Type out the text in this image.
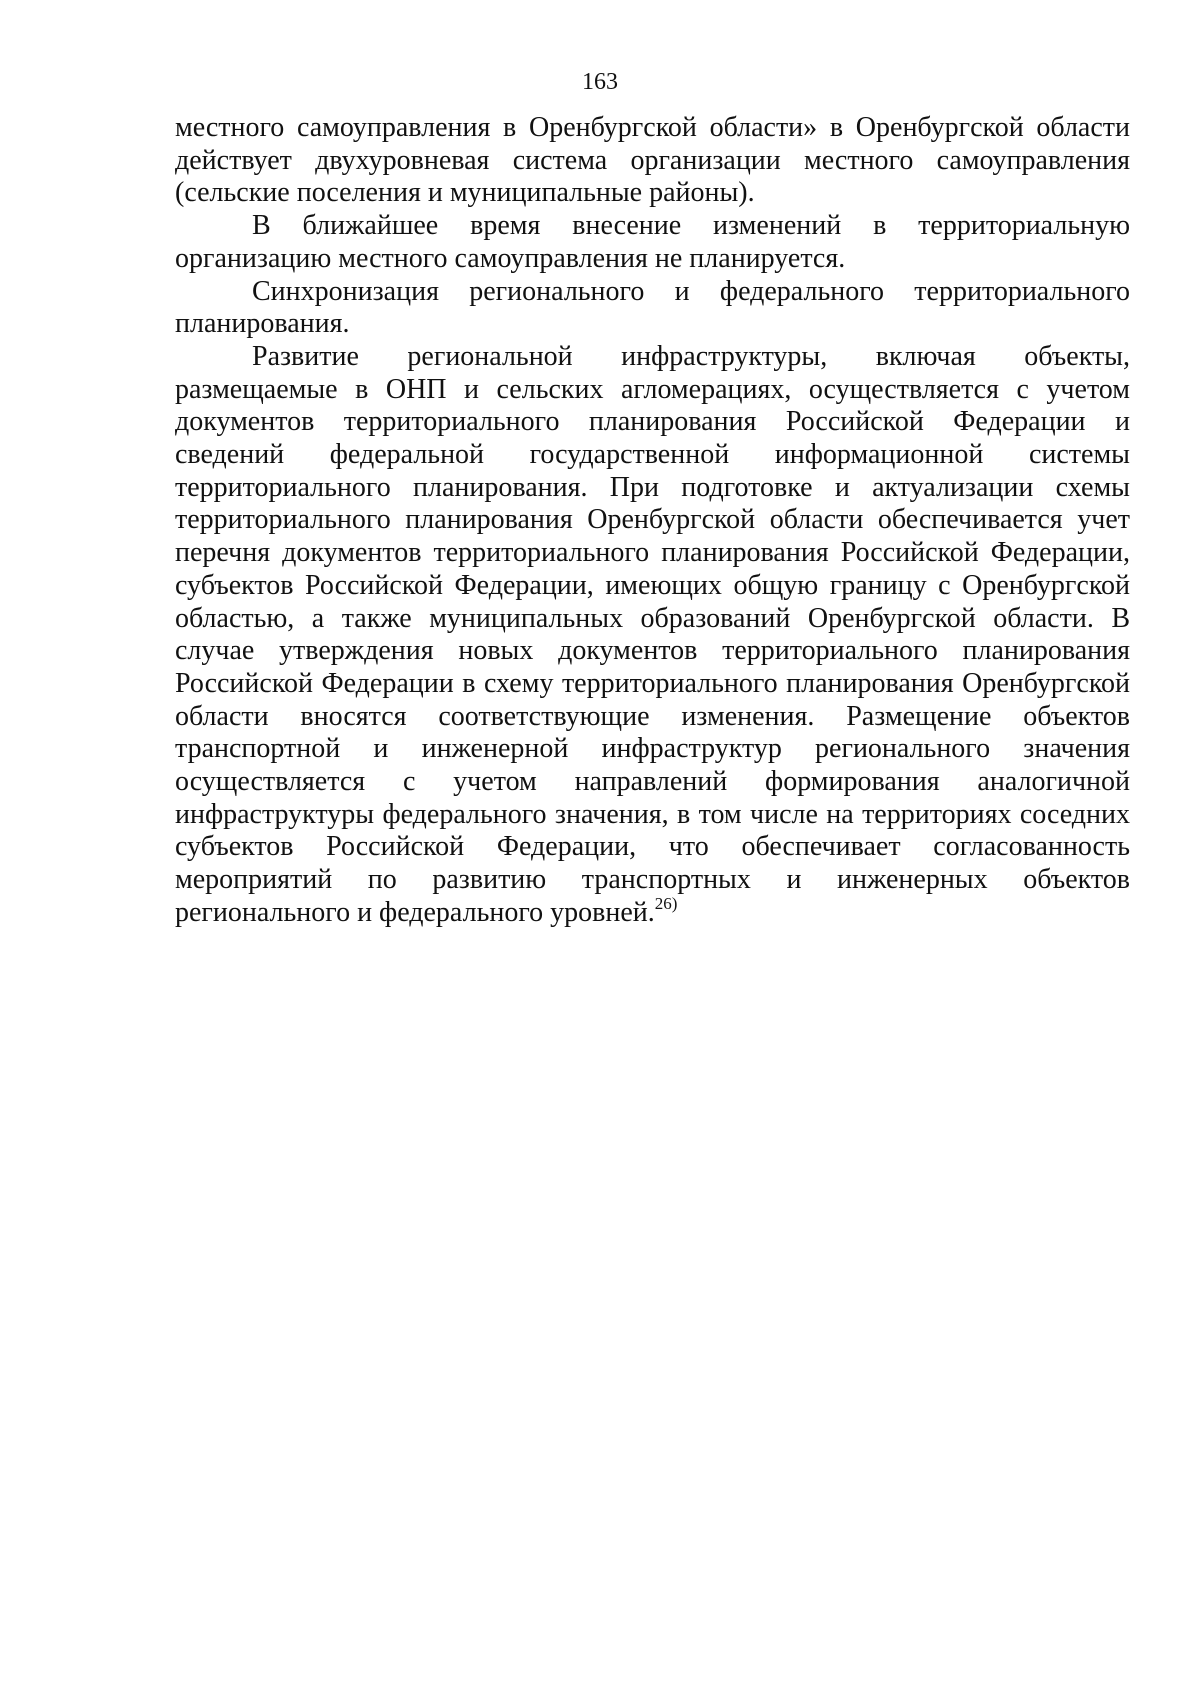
163

местного самоуправления в Оренбургской области» в Оренбургской области действует двухуровневая система организации местного самоуправления (сельские поселения и муниципальные районы).

В ближайшее время внесение изменений в территориальную организацию местного самоуправления не планируется.

Синхронизация регионального и федерального территориального планирования.

Развитие региональной инфраструктуры, включая объекты, размещаемые в ОНП и сельских агломерациях, осуществляется с учетом документов территориального планирования Российской Федерации и сведений федеральной государственной информационной системы территориального планирования. При подготовке и актуализации схемы территориального планирования Оренбургской области обеспечивается учет перечня документов территориального планирования Российской Федерации, субъектов Российской Федерации, имеющих общую границу с Оренбургской областью, а также муниципальных образований Оренбургской области. В случае утверждения новых документов территориального планирования Российской Федерации в схему территориального планирования Оренбургской области вносятся соответствующие изменения. Размещение объектов транспортной и инженерной инфраструктур регионального значения осуществляется с учетом направлений формирования аналогичной инфраструктуры федерального значения, в том числе на территориях соседних субъектов Российской Федерации, что обеспечивает согласованность мероприятий по развитию транспортных и инженерных объектов регионального и федерального уровней.$^{26)}$
